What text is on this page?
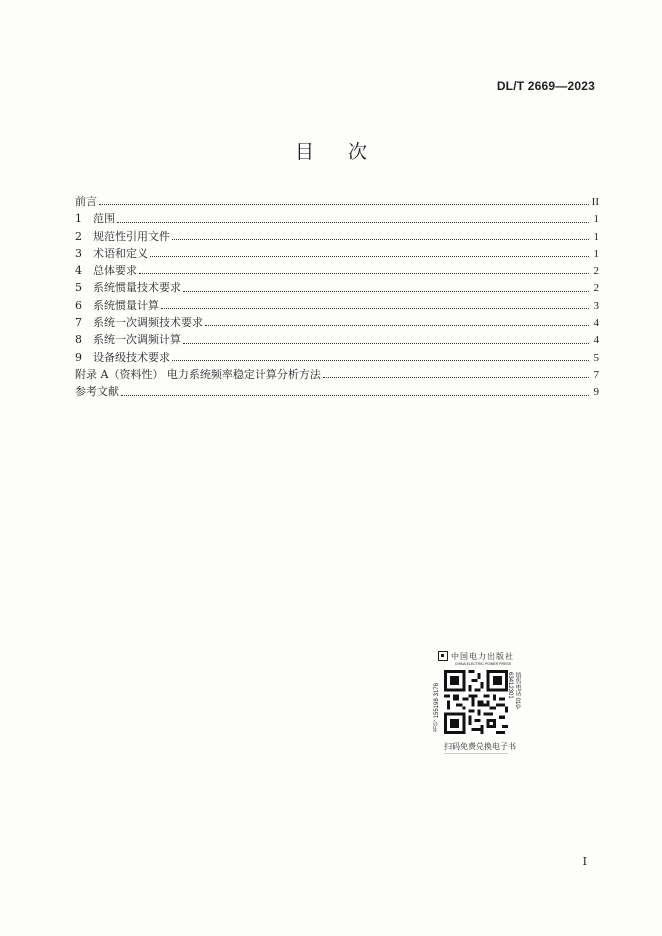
DL/T 2669—2023
目次
前言	II
1	范围	1
2	规范性引用文件	1
3	术语和定义	1
4	总体要求	2
5	系统惯量技术要求	2
6	系统惯量计算	3
7	系统一次调频技术要求	4
8	系统一次调频计算	4
9	设备级技术要求	5
附录 A（资料性） 电力系统频率稳定计算分析方法	7
参考文献	9
中国电力出版社
CHINA ELECTRIC POWER PRESS
书号 155198·3176	销售电话 010-63412301
扫码免费兑换电子书
I
